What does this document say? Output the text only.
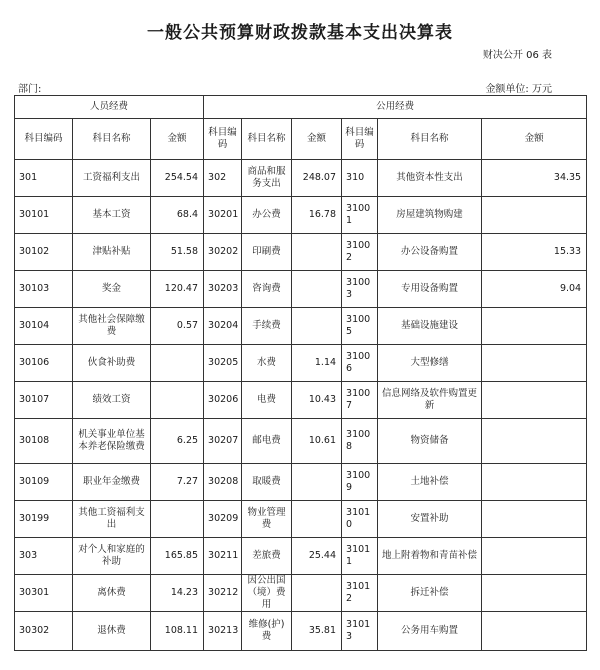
一般公共预算财政拨款基本支出决算表
财决公开 06 表
部门:	金额单位: 万元
人员经费			公用经费					
科目编码	科目名称	金额	科目编码	科目名称	金额	科目编码	科目名称	金额

301	工资福利支出	254.54	302	商品和服务支出	248.07	310	其他资本性支出	34.35

30101	基本工资	68.4	30201	办公费	16.78	31001	房屋建筑物购建	

30102	津贴补贴	51.58	30202	印刷费		31002	办公设备购置	15.33

30103	奖金	120.47	30203	咨询费		31003	专用设备购置	9.04

30104	其他社会保障缴费	0.57	30204	手续费		31005	基础设施建设	

30106	伙食补助费		30205	水费	1.14	31006	大型修缮	

30107	绩效工资		30206	电费	10.43	31007	信息网络及软件购置更新	

30108	机关事业单位基本养老保险缴费	6.25	30207	邮电费	10.61	31008	物资储备	

30109	职业年金缴费	7.27	30208	取暖费		31009	土地补偿	

30199	其他工资福利支出		30209	物业管理费		31010	安置补助	

303	对个人和家庭的补助	165.85	30211	差旅费	25.44	31011	地上附着物和青苗补偿	

30301	离休费	14.23	30212	因公出国（境）费用		31012	拆迁补偿	

30302	退休费	108.11	30213	维修(护)费	35.81	31013	公务用车购置	
